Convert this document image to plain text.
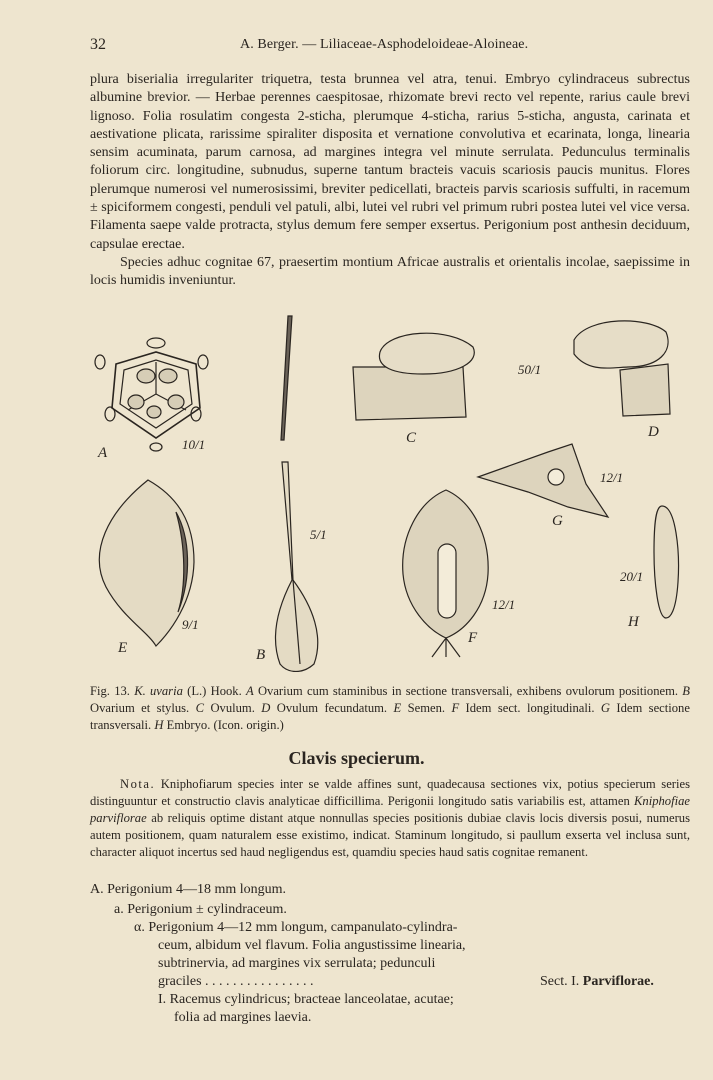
32	A. Berger. — Liliaceae-Asphodeloideae-Aloineae.

plura biserialia irregulariter triquetra, testa brunnea vel atra, tenui. Embryo cylindraceus subrectus albumine brevior. — Herbae perennes caespitosae, rhizomate brevi recto vel repente, rarius caule brevi lignoso. Folia rosulatim congesta 2-sticha, plerumque 4-sticha, rarius 5-sticha, angusta, carinata et aestivatione plicata, rarissime spiraliter disposita et vernatione convolutiva et ecarinata, longa, linearia sensim acuminata, parum carnosa, ad margines integra vel minute serrulata. Pedunculus terminalis foliorum circ. longitudine, subnudus, superne tantum bracteis vacuis scariosis paucis munitus. Flores plerumque numerosi vel numerosissimi, breviter pedicellati, bracteis parvis scariosis suffulti, in racemum ± spiciformem congesti, penduli vel patuli, albi, lutei vel rubri vel primum rubri postea lutei vel vice versa. Filamenta saepe valde protracta, stylus demum fere semper exsertus. Perigonium post anthesin deciduum, capsulae erectae.

Species adhuc cognitae 67, praesertim montium Africae australis et orientalis incolae, saepissime in locis humidis inveniuntur.

A
10/1	C
50/1
D
12/1
G
5/1
20/1
H
9/1
12/1
F
E	B

Fig. 13. K. uvaria (L.) Hook. A Ovarium cum staminibus in sectione transversali, exhibens ovulorum positionem. B Ovarium et stylus. C Ovulum. D Ovulum fecundatum. E Semen. F Idem sect. longitudinali. G Idem sectione transversali. H Embryo. (Icon. origin.)

Clavis specierum.

Nota. Kniphofiarum species inter se valde affines sunt, quadecausa sectiones vix, potius specierum series distinguuntur et constructio clavis analyticae difficillima. Perigonii longitudo satis variabilis est, attamen Kniphofiae parviflorae ab reliquis optime distant atque nonnullas species positionis dubiae clavis locis diversis posui, numerus autem positionem, quam naturalem esse existimo, indicat. Staminum longitudo, si paullum exserta vel inclusa sunt, character aliquot incertus sed haud negligendus est, quamdiu species haud satis cognitae remanent.

A. Perigonium 4—18 mm longum.
a. Perigonium ± cylindraceum.
α. Perigonium 4—12 mm longum, campanulato-cylindra-
ceum, albidum vel flavum. Folia angustissime linearia,
subtrinervia, ad margines vix serrulata; pedunculi
graciles . . . . . . . . . . . . . . . .	Sect. I. Parviflorae.
I. Racemus cylindricus; bracteae lanceolatae, acutae;
folia ad margines laevia.
